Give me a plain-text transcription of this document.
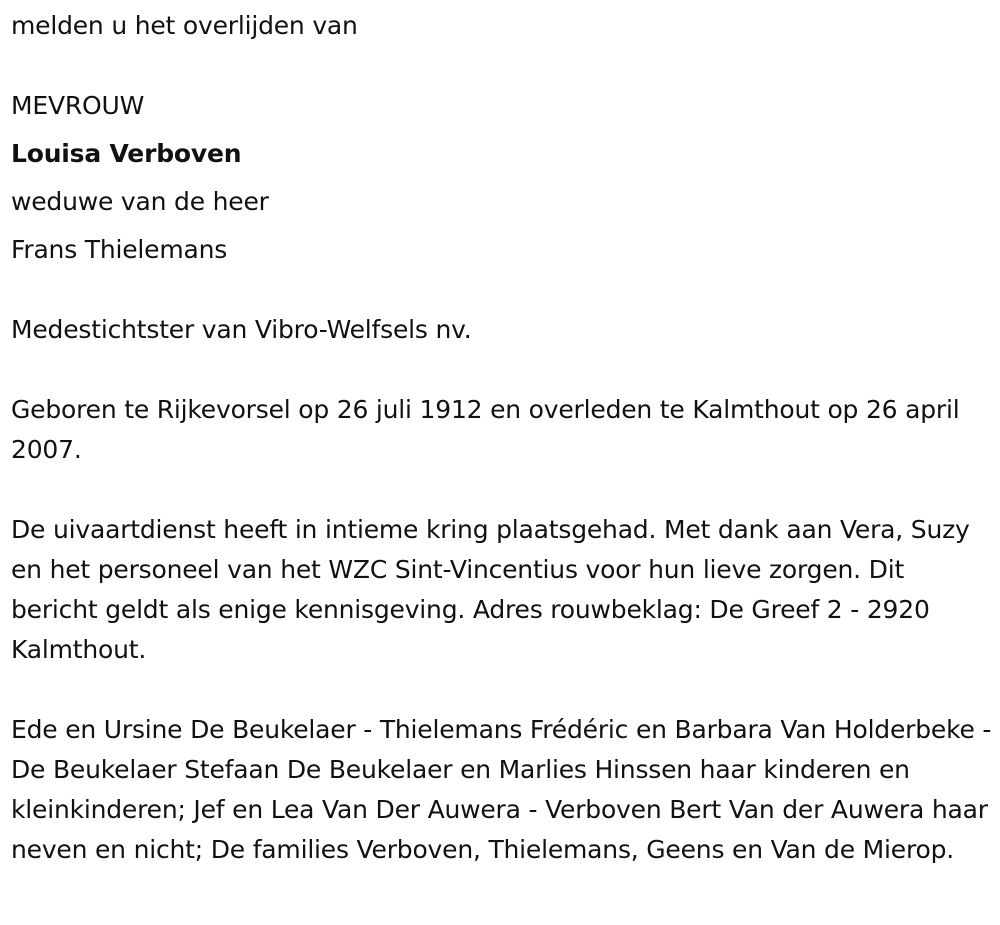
melden u het overlijden van

MEVROUW

Louisa Verboven

weduwe van de heer

Frans Thielemans

Medestichtster van Vibro-Welfsels nv.

Geboren te Rijkevorsel op 26 juli 1912 en overleden te Kalmthout op 26 april 2007.

De uivaartdienst heeft in intieme kring plaatsgehad. Met dank aan Vera, Suzy en het personeel van het WZC Sint-Vincentius voor hun lieve zorgen. Dit bericht geldt als enige kennisgeving. Adres rouwbeklag: De Greef 2 - 2920 Kalmthout.

Ede en Ursine De Beukelaer - Thielemans Frédéric en Barbara Van Holderbeke - De Beukelaer Stefaan De Beukelaer en Marlies Hinssen haar kinderen en kleinkinderen; Jef en Lea Van Der Auwera - Verboven Bert Van der Auwera haar neven en nicht; De families Verboven, Thielemans, Geens en Van de Mierop.
